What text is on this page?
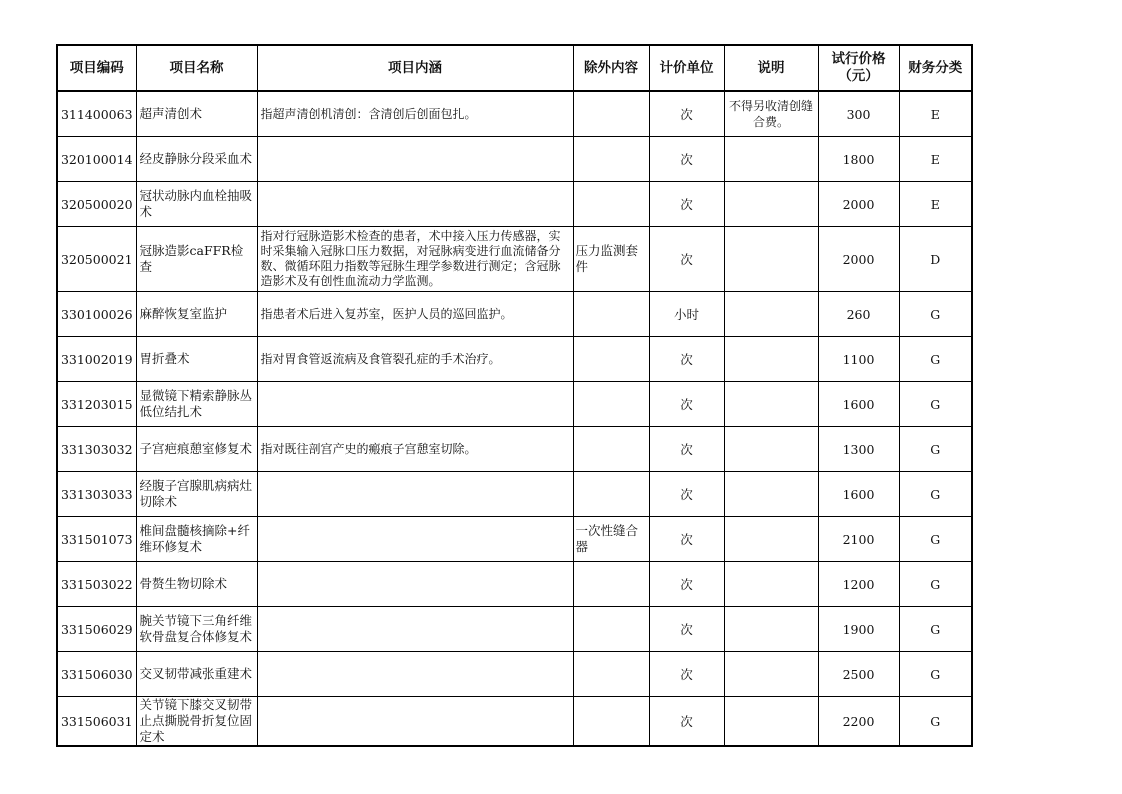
项目编码	项目名称	项目内涵	除外内容	计价单位	说明	试行价格（元）	财务分类
311400063	超声清创术	指超声清创机清创：含清创后创面包扎。		次	不得另收清创缝合费。	300	E
320100014	经皮静脉分段采血术			次		1800	E
320500020	冠状动脉内血栓抽吸术			次		2000	E
320500021	冠脉造影caFFR检查	指对行冠脉造影术检查的患者，术中接入压力传感器，实时采集输入冠脉口压力数据，对冠脉病变进行血流储备分数、微循环阻力指数等冠脉生理学参数进行测定；含冠脉造影术及有创性血流动力学监测。	压力监测套件	次		2000	D
330100026	麻醉恢复室监护	指患者术后进入复苏室，医护人员的巡回监护。		小时		260	G
331002019	胃折叠术	指对胃食管返流病及食管裂孔症的手术治疗。		次		1100	G
331203015	显微镜下精索静脉丛低位结扎术			次		1600	G
331303032	子宫疤痕憩室修复术	指对既往剖宫产史的瘢痕子宫憩室切除。		次		1300	G
331303033	经腹子宫腺肌病病灶切除术			次		1600	G
331501073	椎间盘髓核摘除+纤维环修复术		一次性缝合器	次		2100	G
331503022	骨赘生物切除术			次		1200	G
331506029	腕关节镜下三角纤维软骨盘复合体修复术			次		1900	G
331506030	交叉韧带减张重建术			次		2500	G
331506031	关节镜下膝交叉韧带止点撕脱骨折复位固定术			次		2200	G
